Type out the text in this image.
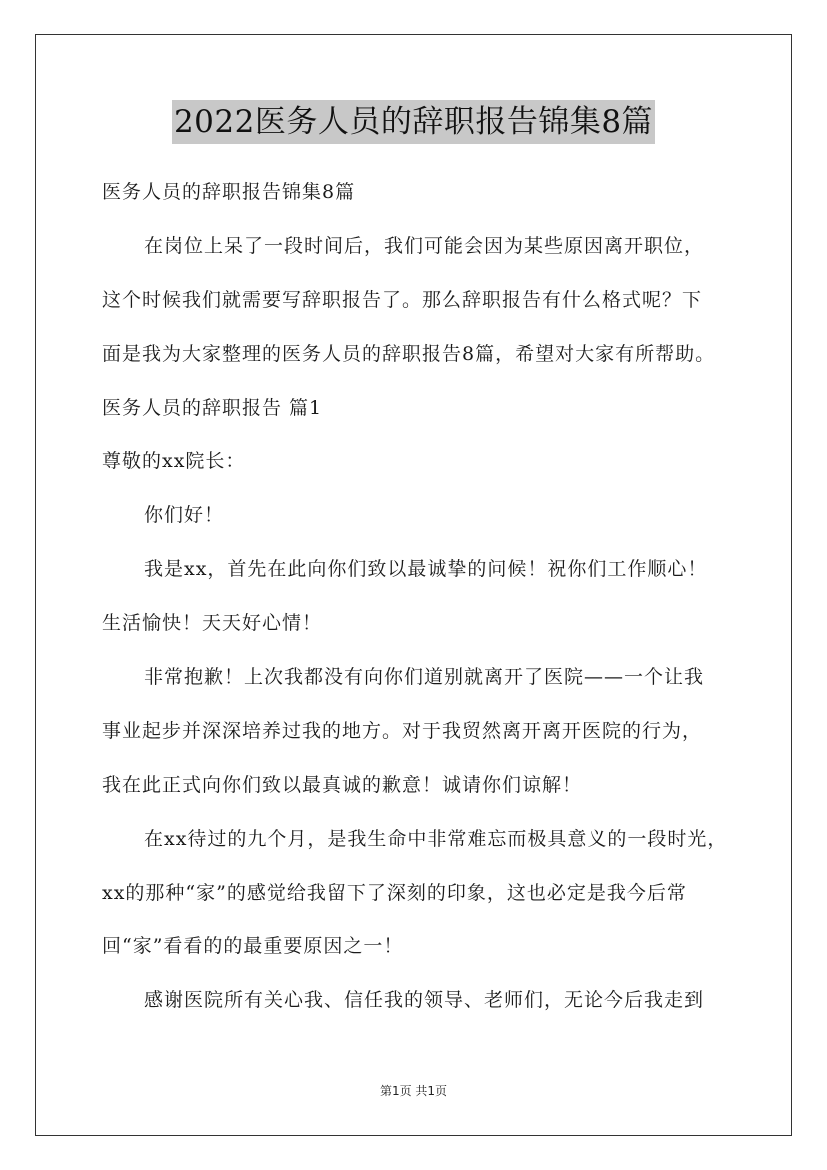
2022医务人员的辞职报告锦集8篇
医务人员的辞职报告锦集8篇
在岗位上呆了一段时间后，我们可能会因为某些原因离开职位，
这个时候我们就需要写辞职报告了。那么辞职报告有什么格式呢？下
面是我为大家整理的医务人员的辞职报告8篇，希望对大家有所帮助。
医务人员的辞职报告 篇1
尊敬的xx院长：
你们好！
我是xx，首先在此向你们致以最诚挚的问候！祝你们工作顺心！
生活愉快！天天好心情！
非常抱歉！上次我都没有向你们道别就离开了医院——一个让我
事业起步并深深培养过我的地方。对于我贸然离开离开医院的行为，
我在此正式向你们致以最真诚的歉意！诚请你们谅解！
在xx待过的九个月，是我生命中非常难忘而极具意义的一段时光，
xx的那种“家”的感觉给我留下了深刻的印象，这也必定是我今后常
回“家”看看的的最重要原因之一！
感谢医院所有关心我、信任我的领导、老师们，无论今后我走到
第1页 共1页
